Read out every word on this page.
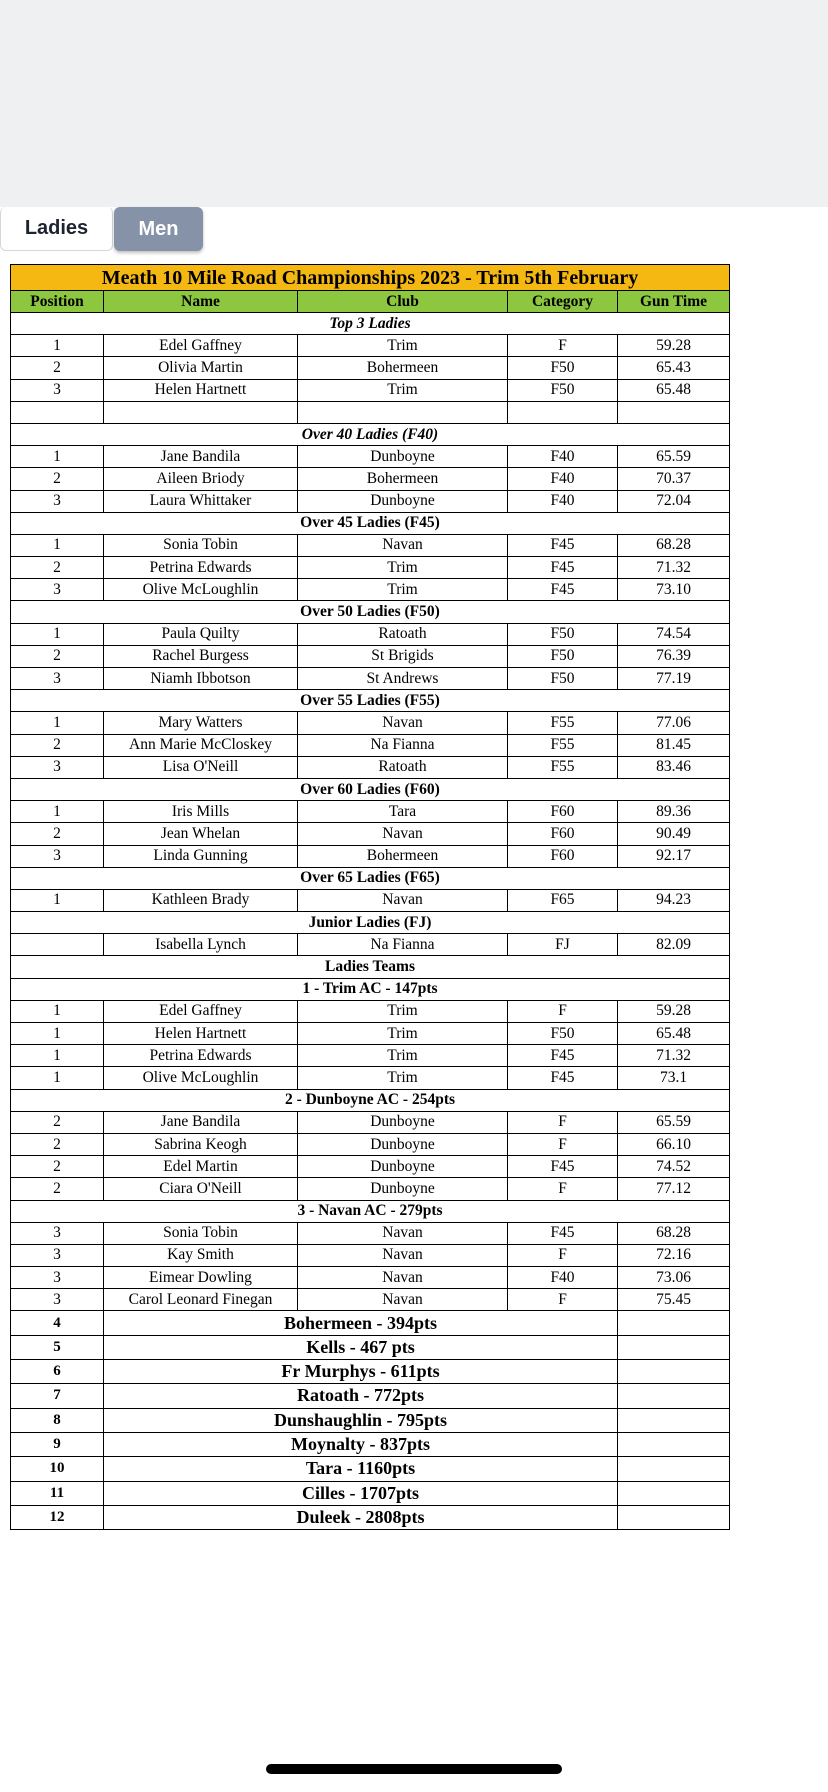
Ladies	Men
Meath 10 Mile Road Championships 2023 - Trim 5th February				
Position	Name	Club	Category	Gun Time
Top 3 Ladies				
1	Edel Gaffney	Trim	F	59.28
2	Olivia Martin	Bohermeen	F50	65.43
3	Helen Hartnett	Trim	F50	65.48

Over 40 Ladies (F40)				
1	Jane Bandila	Dunboyne	F40	65.59
2	Aileen Briody	Bohermeen	F40	70.37
3	Laura Whittaker	Dunboyne	F40	72.04
Over 45 Ladies (F45)				
1	Sonia Tobin	Navan	F45	68.28
2	Petrina Edwards	Trim	F45	71.32
3	Olive McLoughlin	Trim	F45	73.10
Over 50 Ladies (F50)				
1	Paula Quilty	Ratoath	F50	74.54
2	Rachel Burgess	St Brigids	F50	76.39
3	Niamh Ibbotson	St Andrews	F50	77.19
Over 55 Ladies (F55)				
1	Mary Watters	Navan	F55	77.06
2	Ann Marie McCloskey	Na Fianna	F55	81.45
3	Lisa O'Neill	Ratoath	F55	83.46
Over 60 Ladies (F60)				
1	Iris Mills	Tara	F60	89.36
2	Jean Whelan	Navan	F60	90.49
3	Linda Gunning	Bohermeen	F60	92.17
Over 65 Ladies (F65)				
1	Kathleen Brady	Navan	F65	94.23
Junior Ladies (FJ)				
	Isabella Lynch	Na Fianna	FJ	82.09
Ladies Teams				
1 - Trim AC - 147pts				
1	Edel Gaffney	Trim	F	59.28
1	Helen Hartnett	Trim	F50	65.48
1	Petrina Edwards	Trim	F45	71.32
1	Olive McLoughlin	Trim	F45	73.1
2 - Dunboyne AC - 254pts				
2	Jane Bandila	Dunboyne	F	65.59
2	Sabrina Keogh	Dunboyne	F	66.10
2	Edel Martin	Dunboyne	F45	74.52
2	Ciara O'Neill	Dunboyne	F	77.12
3 - Navan AC - 279pts				
3	Sonia Tobin	Navan	F45	68.28
3	Kay Smith	Navan	F	72.16
3	Eimear Dowling	Navan	F40	73.06
3	Carol Leonard Finegan	Navan	F	75.45
4	Bohermeen - 394pts			
5	Kells - 467 pts			
6	Fr Murphys - 611pts			
7	Ratoath - 772pts			
8	Dunshaughlin - 795pts			
9	Moynalty - 837pts			
10	Tara - 1160pts			
11	Cilles - 1707pts			
12	Duleek - 2808pts			
